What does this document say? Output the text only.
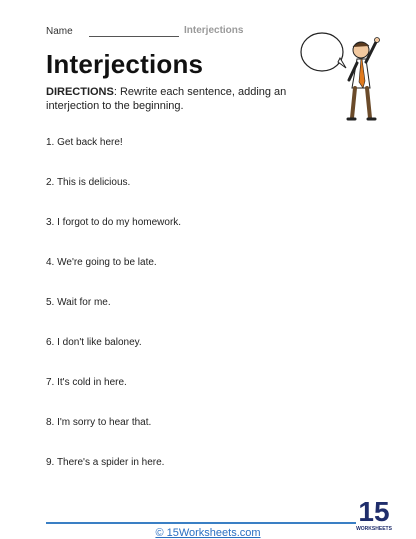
Name	Interjections
Interjections
DIRECTIONS: Rewrite each sentence, adding an interjection to the beginning.
1. Get back here!
2. This is delicious.
3. I forgot to do my homework.
4. We're going to be late.
5. Wait for me.
6. I don't like baloney.
7. It's cold in here.
8. I'm sorry to hear that.
9. There's a spider in here.
© 15Worksheets.com
15
WORKSHEETS
